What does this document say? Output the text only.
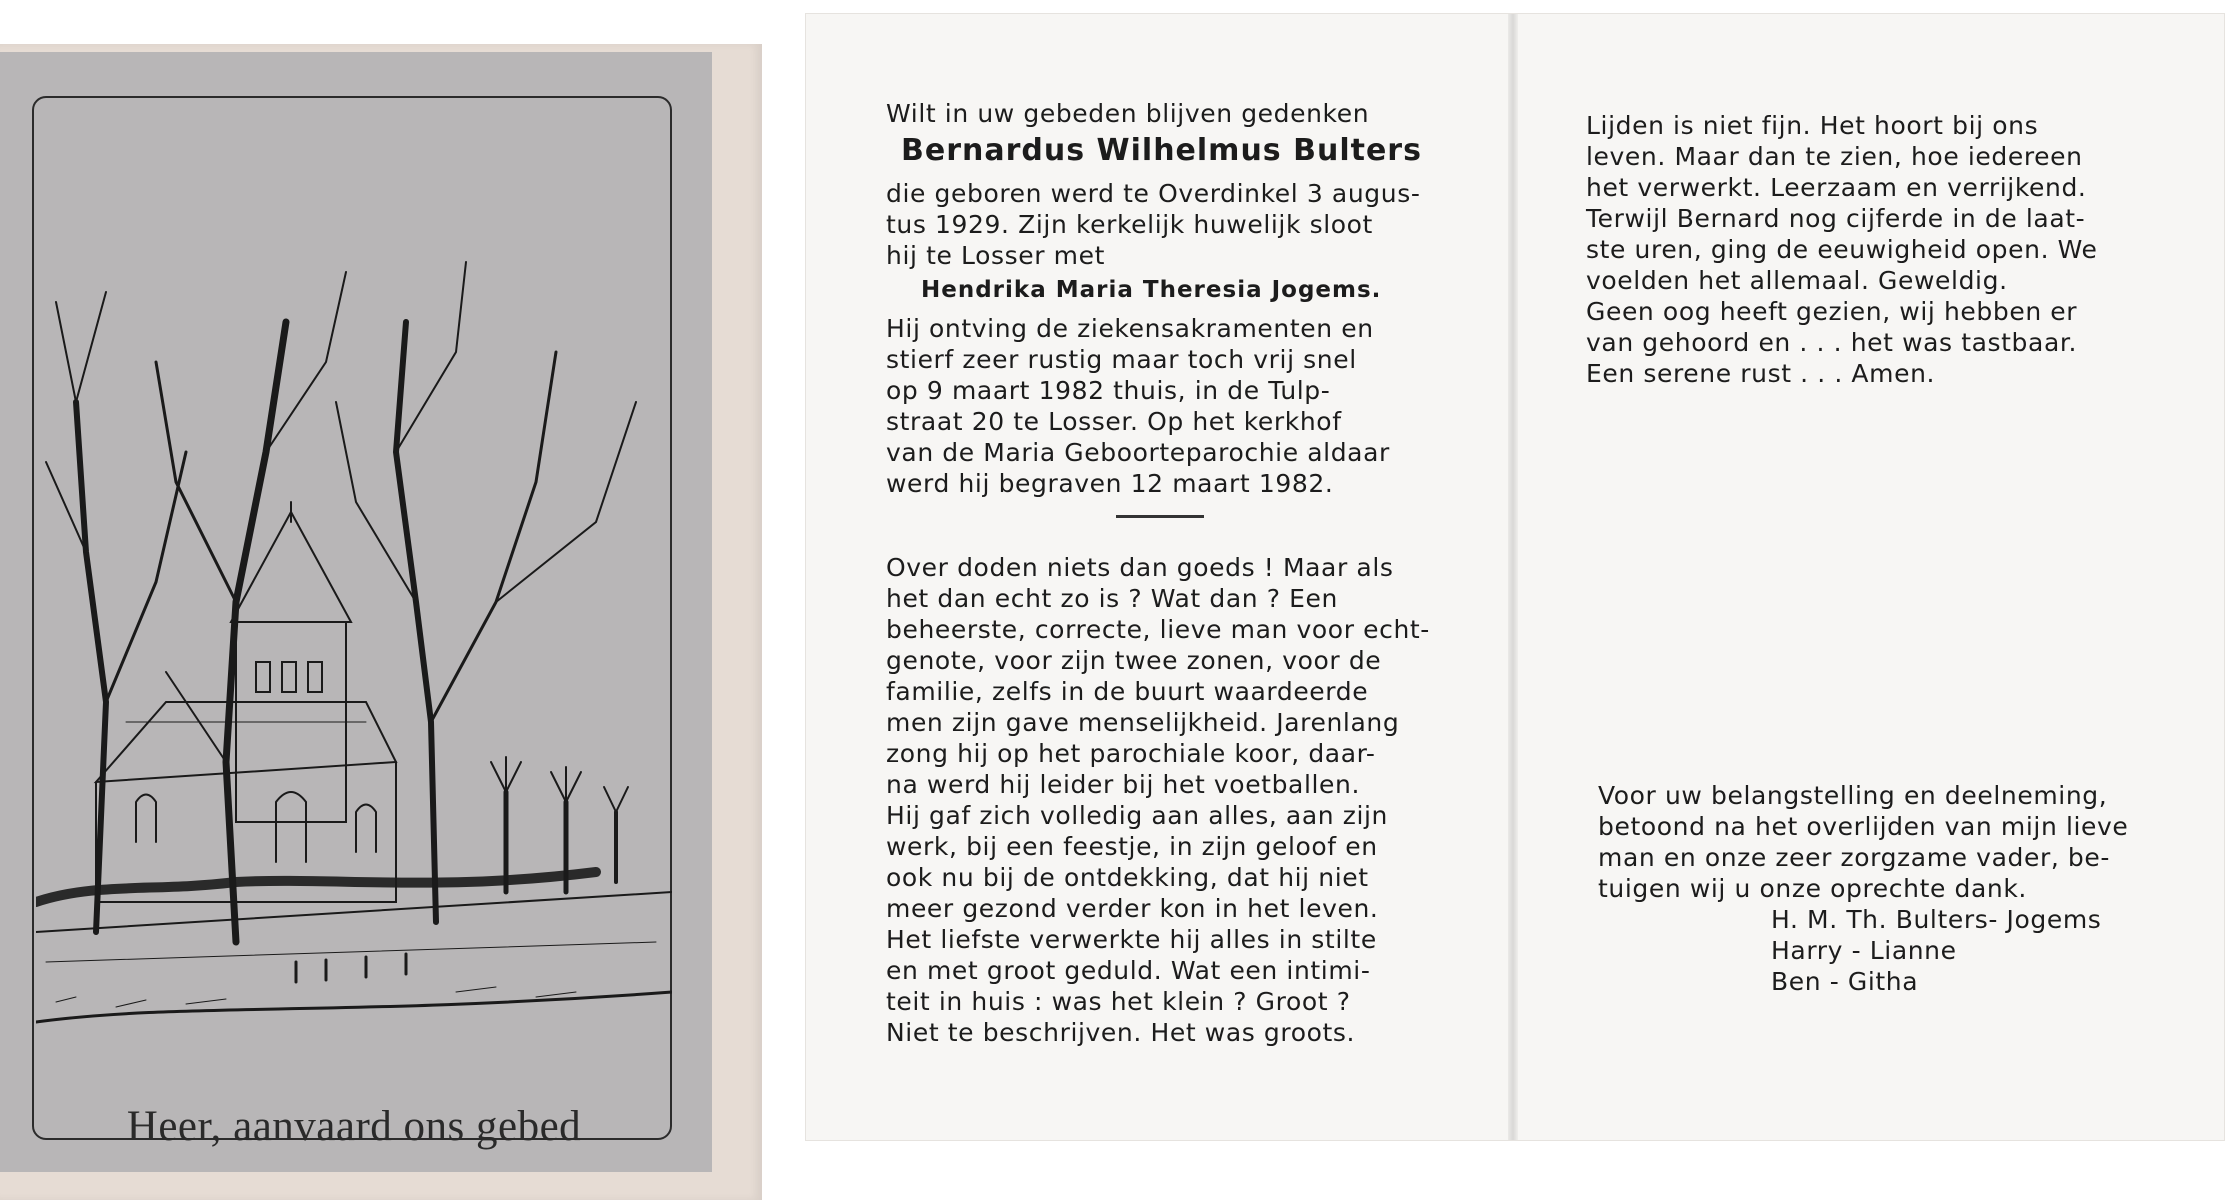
Heer, aanvaard ons gebed
Wilt in uw gebeden blijven gedenken
Bernardus Wilhelmus Bulters
die geboren werd te Overdinkel 3 augus-
tus 1929. Zijn kerkelijk huwelijk sloot
hij te Losser met
Hendrika Maria Theresia Jogems.
Hij ontving de ziekensakramenten en
stierf zeer rustig maar toch vrij snel
op 9 maart 1982 thuis, in de Tulp-
straat 20 te Losser. Op het kerkhof
van de Maria Geboorteparochie aldaar
werd hij begraven 12 maart 1982.
Over doden niets dan goeds ! Maar als
het dan echt zo is ? Wat dan ? Een
beheerste, correcte, lieve man voor echt-
genote, voor zijn twee zonen, voor de
familie, zelfs in de buurt waardeerde
men zijn gave menselijkheid. Jarenlang
zong hij op het parochiale koor, daar-
na werd hij leider bij het voetballen.
Hij gaf zich volledig aan alles, aan zijn
werk, bij een feestje, in zijn geloof en
ook nu bij de ontdekking, dat hij niet
meer gezond verder kon in het leven.
Het liefste verwerkte hij alles in stilte
en met groot geduld. Wat een intimi-
teit in huis : was het klein ? Groot ?
Niet te beschrijven. Het was groots.
Lijden is niet fijn. Het hoort bij ons
leven. Maar dan te zien, hoe iedereen
het verwerkt. Leerzaam en verrijkend.
Terwijl Bernard nog cijferde in de laat-
ste uren, ging de eeuwigheid open. We
voelden het allemaal. Geweldig.
Geen oog heeft gezien, wij hebben er
van gehoord en . . . het was tastbaar.
Een serene rust . . . Amen.
Voor uw belangstelling en deelneming,
betoond na het overlijden van mijn lieve
man en onze zeer zorgzame vader, be-
tuigen wij u onze oprechte dank.
H. M. Th. Bulters- Jogems
Harry - Lianne
Ben - Githa
